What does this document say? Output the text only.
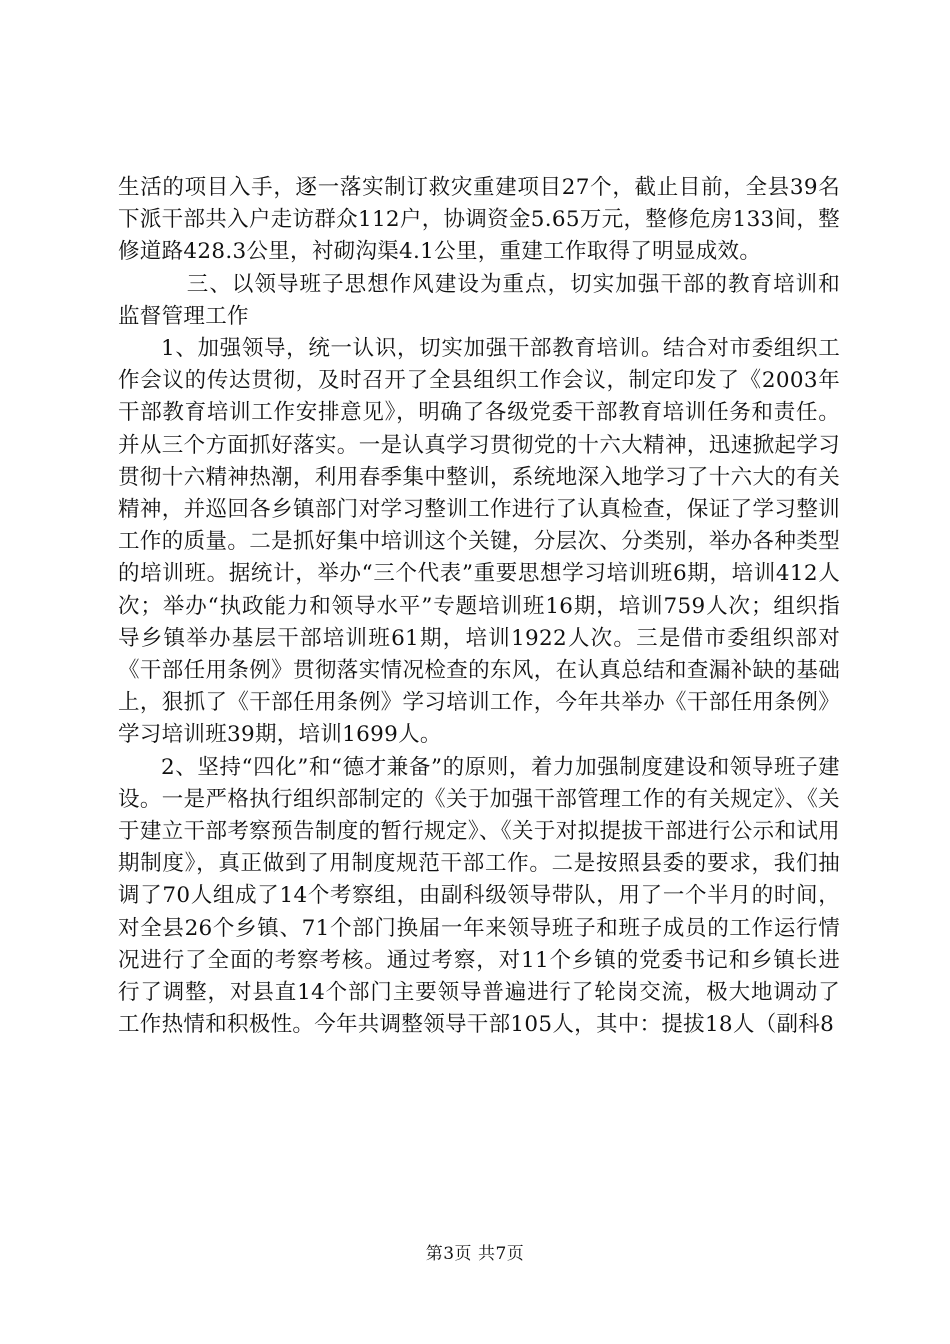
生活的项目入手，逐一落实制订救灾重建项目27个，截止目前，全县39名下派干部共入户走访群众112户，协调资金5.65万元，整修危房133间，整修道路428.3公里，衬砌沟渠4.1公里，重建工作取得了明显成效。

三、以领导班子思想作风建设为重点，切实加强干部的教育培训和监督管理工作

1、加强领导，统一认识，切实加强干部教育培训。结合对市委组织工作会议的传达贯彻，及时召开了全县组织工作会议，制定印发了《2003年干部教育培训工作安排意见》，明确了各级党委干部教育培训任务和责任。并从三个方面抓好落实。一是认真学习贯彻党的十六大精神，迅速掀起学习贯彻十六精神热潮，利用春季集中整训，系统地深入地学习了十六大的有关精神，并巡回各乡镇部门对学习整训工作进行了认真检查，保证了学习整训工作的质量。二是抓好集中培训这个关键，分层次、分类别，举办各种类型的培训班。据统计，举办“三个代表”重要思想学习培训班6期，培训412人次；举办“执政能力和领导水平”专题培训班16期，培训759人次；组织指导乡镇举办基层干部培训班61期，培训1922人次。三是借市委组织部对《干部任用条例》贯彻落实情况检查的东风，在认真总结和查漏补缺的基础上，狠抓了《干部任用条例》学习培训工作，今年共举办《干部任用条例》学习培训班39期，培训1699人。

2、坚持“四化”和“德才兼备”的原则，着力加强制度建设和领导班子建设。一是严格执行组织部制定的《关于加强干部管理工作的有关规定》、《关于建立干部考察预告制度的暂行规定》、《关于对拟提拔干部进行公示和试用期制度》，真正做到了用制度规范干部工作。二是按照县委的要求，我们抽调了70人组成了14个考察组，由副科级领导带队，用了一个半月的时间，对全县26个乡镇、71个部门换届一年来领导班子和班子成员的工作运行情况进行了全面的考察考核。通过考察，对11个乡镇的党委书记和乡镇长进行了调整，对县直14个部门主要领导普遍进行了轮岗交流，极大地调动了工作热情和积极性。今年共调整领导干部105人，其中：提拔18人（副科8

第3页 共7页
